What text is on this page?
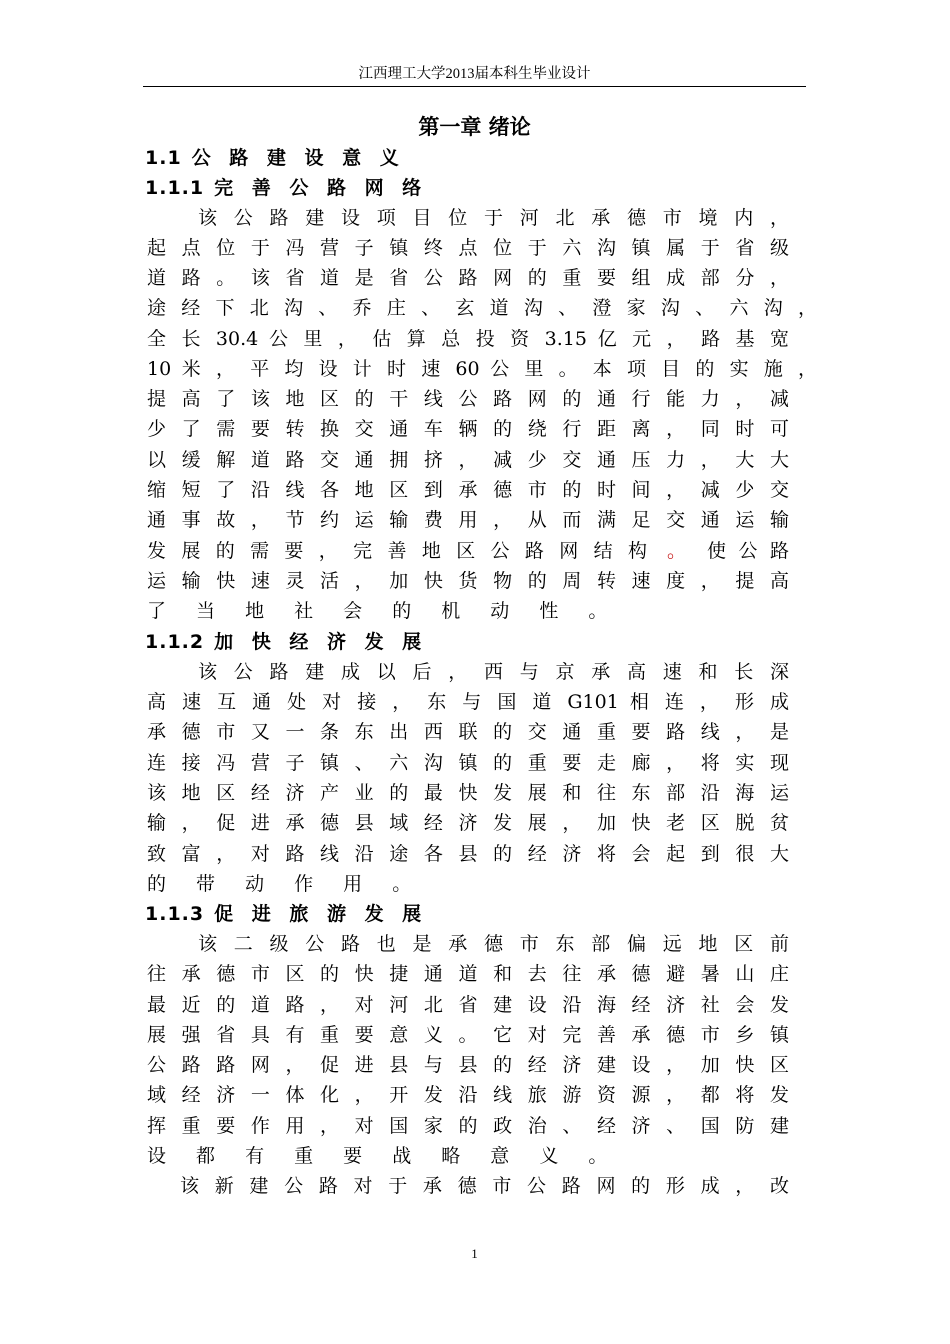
江西理工大学2013届本科生毕业设计
第一章 绪论
1.1 公 路 建 设 意 义
1.1.1 完 善 公 路 网 络
该 公 路 建 设 项 目 位 于 河 北 承 德 市 境 内 ，
起 点 位 于 冯 营 子 镇 终 点 位 于 六 沟 镇 属 于 省 级
道 路 。 该 省 道 是 省 公 路 网 的 重 要 组 成 部 分 ，
途 经 下 北 沟 、 乔 庄 、 玄 道 沟 、 澄 家 沟 、 六 沟 ，
全 长 30.4 公 里 ， 估 算 总 投 资 3.15 亿 元 ， 路 基 宽
10 米 ， 平 均 设 计 时 速 60 公 里 。 本 项 目 的 实 施 ，
提 高 了 该 地 区 的 干 线 公 路 网 的 通 行 能 力 ， 减
少 了 需 要 转 换 交 通 车 辆 的 绕 行 距 离 ， 同 时 可
以 缓 解 道 路 交 通 拥 挤 ， 减 少 交 通 压 力 ， 大 大
缩 短 了 沿 线 各 地 区 到 承 德 市 的 时 间 ， 减 少 交
通 事 故 ， 节 约 运 输 费 用 ， 从 而 满 足 交 通 运 输
发 展 的 需 要 ， 完 善 地 区 公 路 网 结 构 。 使 公 路
运 输 快 速 灵 活 ， 加 快 货 物 的 周 转 速 度 ， 提 高
了 当 地 社 会 的 机 动 性 。
1.1.2 加 快 经 济 发 展
该 公 路 建 成 以 后 ， 西 与 京 承 高 速 和 长 深
高 速 互 通 处 对 接 ， 东 与 国 道 G101 相 连 ， 形 成
承 德 市 又 一 条 东 出 西 联 的 交 通 重 要 路 线 ， 是
连 接 冯 营 子 镇 、 六 沟 镇 的 重 要 走 廊 ， 将 实 现
该 地 区 经 济 产 业 的 最 快 发 展 和 往 东 部 沿 海 运
输 ， 促 进 承 德 县 域 经 济 发 展 ， 加 快 老 区 脱 贫
致 富 ， 对 路 线 沿 途 各 县 的 经 济 将 会 起 到 很 大
的 带 动 作 用 。
1.1.3 促 进 旅 游 发 展
该 二 级 公 路 也 是 承 德 市 东 部 偏 远 地 区 前
往 承 德 市 区 的 快 捷 通 道 和 去 往 承 德 避 暑 山 庄
最 近 的 道 路 ， 对 河 北 省 建 设 沿 海 经 济 社 会 发
展 强 省 具 有 重 要 意 义 。 它 对 完 善 承 德 市 乡 镇
公 路 路 网 ， 促 进 县 与 县 的 经 济 建 设 ， 加 快 区
域 经 济 一 体 化 ， 开 发 沿 线 旅 游 资 源 ， 都 将 发
挥 重 要 作 用 ， 对 国 家 的 政 治 、 经 济 、 国 防 建
设 都 有 重 要 战 略 意 义 。
该 新 建 公 路 对 于 承 德 市 公 路 网 的 形 成 ， 改
1
